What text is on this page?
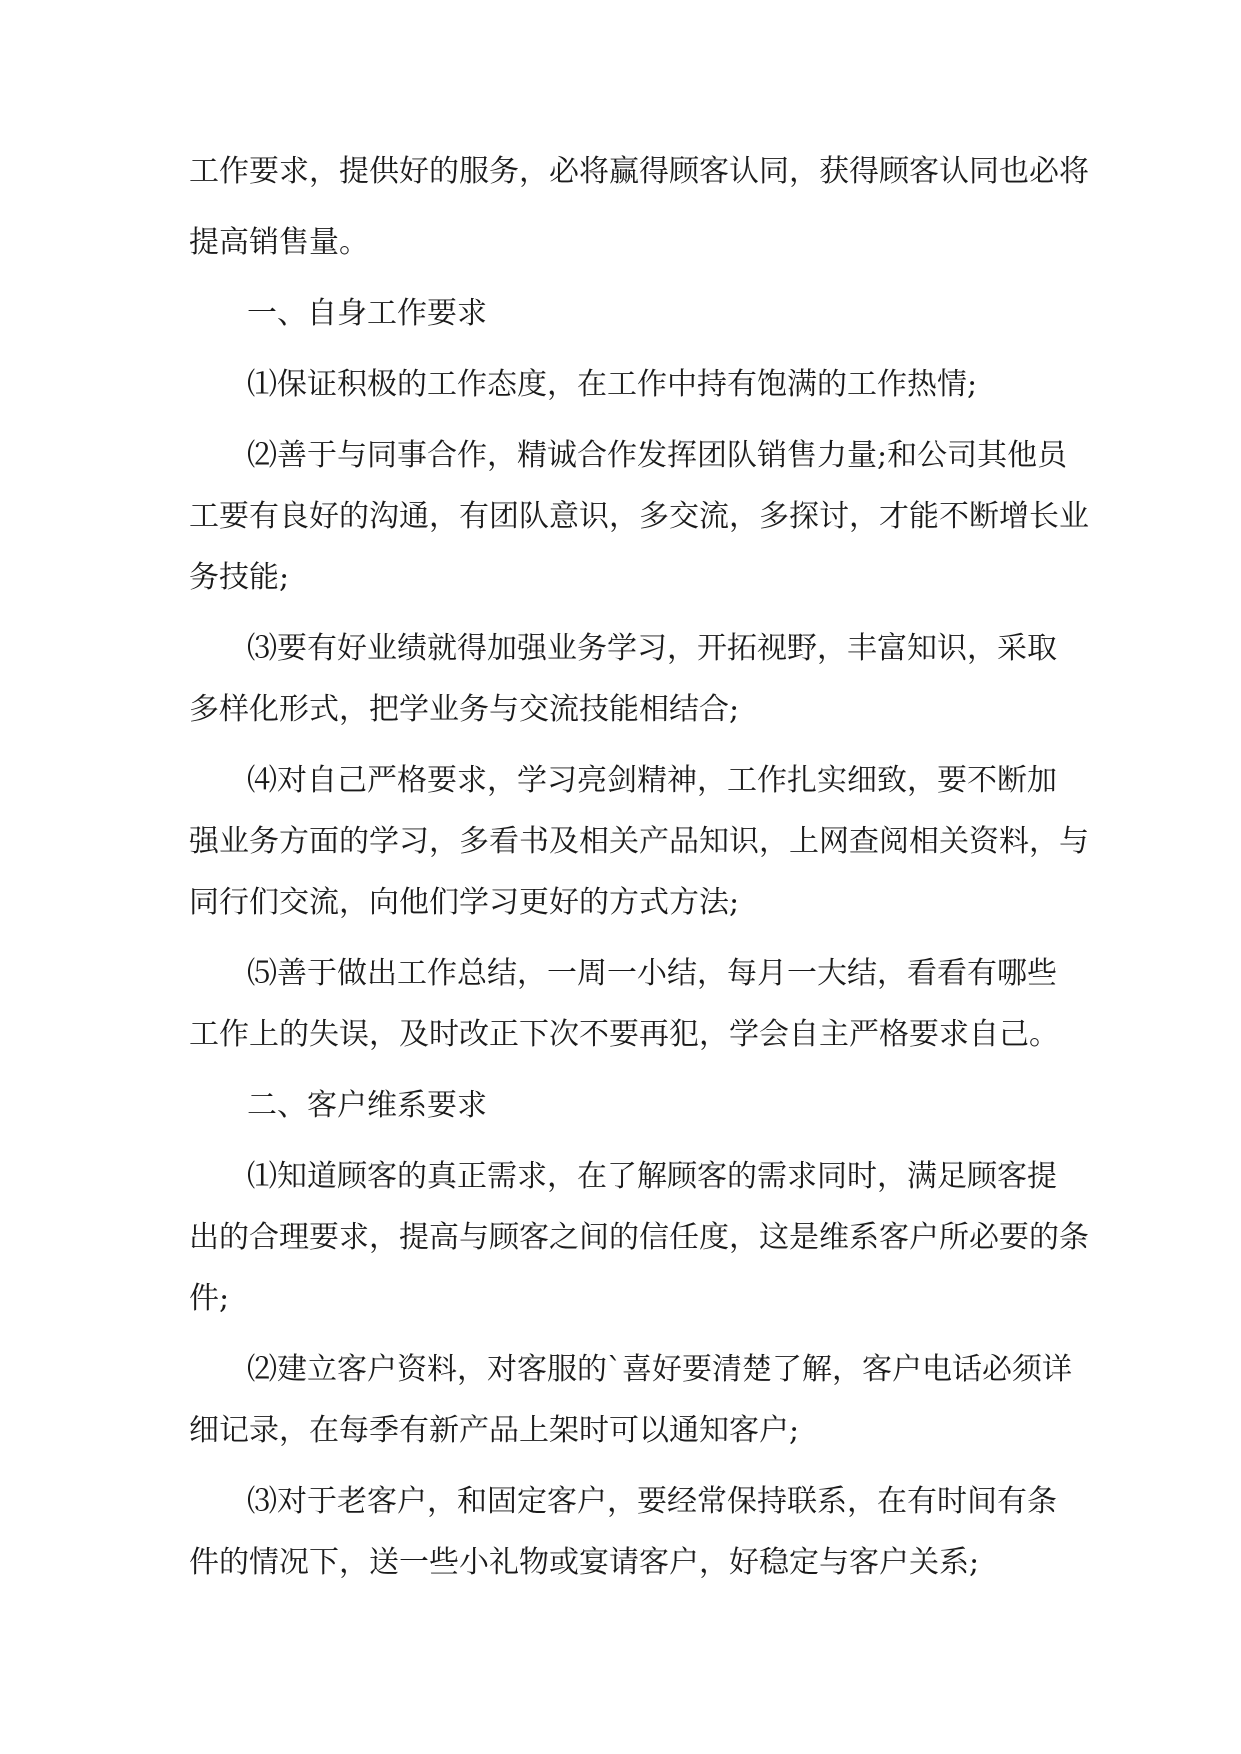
工作要求，提供好的服务，必将赢得顾客认同，获得顾客认同也必将

提高销售量。

一、自身工作要求

⑴保证积极的工作态度，在工作中持有饱满的工作热情;

⑵善于与同事合作，精诚合作发挥团队销售力量;和公司其他员

工要有良好的沟通，有团队意识，多交流，多探讨，才能不断增长业

务技能;

⑶要有好业绩就得加强业务学习，开拓视野，丰富知识，采取

多样化形式，把学业务与交流技能相结合;

⑷对自己严格要求，学习亮剑精神，工作扎实细致，要不断加

强业务方面的学习，多看书及相关产品知识，上网查阅相关资料，与

同行们交流，向他们学习更好的方式方法;

⑸善于做出工作总结，一周一小结，每月一大结，看看有哪些

工作上的失误，及时改正下次不要再犯，学会自主严格要求自己。

二、客户维系要求

⑴知道顾客的真正需求，在了解顾客的需求同时，满足顾客提

出的合理要求，提高与顾客之间的信任度，这是维系客户所必要的条

件;

⑵建立客户资料，对客服的`喜好要清楚了解，客户电话必须详

细记录，在每季有新产品上架时可以通知客户;

⑶对于老客户，和固定客户，要经常保持联系，在有时间有条

件的情况下，送一些小礼物或宴请客户，好稳定与客户关系;
